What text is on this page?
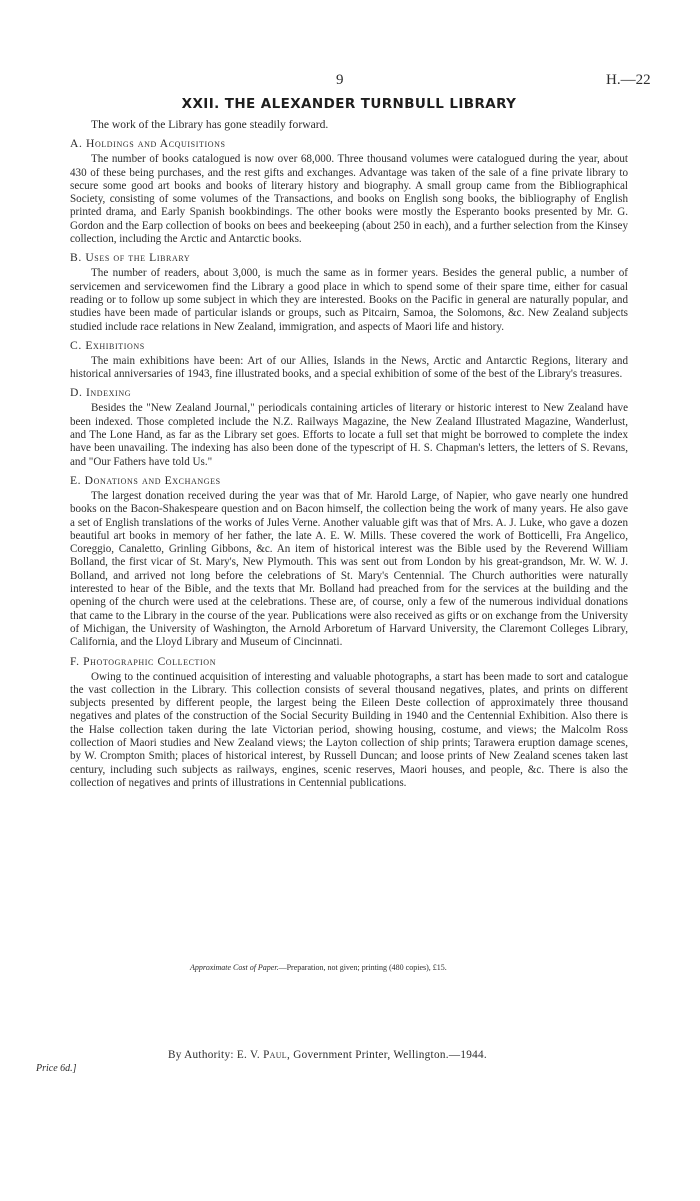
9	H.—22
XXII. THE ALEXANDER TURNBULL LIBRARY

The work of the Library has gone steadily forward.

A. Holdings and Acquisitions

The number of books catalogued is now over 68,000. Three thousand volumes were catalogued during the year, about 430 of these being purchases, and the rest gifts and exchanges. Advantage was taken of the sale of a fine private library to secure some good art books and books of literary history and biography. A small group came from the Bibliographical Society, consisting of some volumes of the Transactions, and books on English song books, the bibliography of English printed drama, and Early Spanish bookbindings. The other books were mostly the Esperanto books presented by Mr. G. Gordon and the Earp collection of books on bees and beekeeping (about 250 in each), and a further selection from the Kinsey collection, including the Arctic and Antarctic books.

B. Uses of the Library

The number of readers, about 3,000, is much the same as in former years. Besides the general public, a number of servicemen and servicewomen find the Library a good place in which to spend some of their spare time, either for casual reading or to follow up some subject in which they are interested. Books on the Pacific in general are naturally popular, and studies have been made of particular islands or groups, such as Pitcairn, Samoa, the Solomons, &c. New Zealand subjects studied include race relations in New Zealand, immigration, and aspects of Maori life and history.

C. Exhibitions

The main exhibitions have been: Art of our Allies, Islands in the News, Arctic and Antarctic Regions, literary and historical anniversaries of 1943, fine illustrated books, and a special exhibition of some of the best of the Library's treasures.

D. Indexing

Besides the "New Zealand Journal," periodicals containing articles of literary or historic interest to New Zealand have been indexed. Those completed include the N.Z. Railways Magazine, the New Zealand Illustrated Magazine, Wanderlust, and The Lone Hand, as far as the Library set goes. Efforts to locate a full set that might be borrowed to complete the index have been unavailing. The indexing has also been done of the typescript of H. S. Chapman's letters, the letters of S. Revans, and "Our Fathers have told Us."

E. Donations and Exchanges

The largest donation received during the year was that of Mr. Harold Large, of Napier, who gave nearly one hundred books on the Bacon-Shakespeare question and on Bacon himself, the collection being the work of many years. He also gave a set of English translations of the works of Jules Verne. Another valuable gift was that of Mrs. A. J. Luke, who gave a dozen beautiful art books in memory of her father, the late A. E. W. Mills. These covered the work of Botticelli, Fra Angelico, Coreggio, Canaletto, Grinling Gibbons, &c. An item of historical interest was the Bible used by the Reverend William Bolland, the first vicar of St. Mary's, New Plymouth. This was sent out from London by his great-grandson, Mr. W. W. J. Bolland, and arrived not long before the celebrations of St. Mary's Centennial. The Church authorities were naturally interested to hear of the Bible, and the texts that Mr. Bolland had preached from for the services at the building and the opening of the church were used at the celebrations. These are, of course, only a few of the numerous individual donations that came to the Library in the course of the year. Publications were also received as gifts or on exchange from the University of Michigan, the University of Washington, the Arnold Arboretum of Harvard University, the Claremont Colleges Library, California, and the Lloyd Library and Museum of Cincinnati.

F. Photographic Collection

Owing to the continued acquisition of interesting and valuable photographs, a start has been made to sort and catalogue the vast collection in the Library. This collection consists of several thousand negatives, plates, and prints on different subjects presented by different people, the largest being the Eileen Deste collection of approximately three thousand negatives and plates of the construction of the Social Security Building in 1940 and the Centennial Exhibition. Also there is the Halse collection taken during the late Victorian period, showing housing, costume, and views; the Malcolm Ross collection of Maori studies and New Zealand views; the Layton collection of ship prints; Tarawera eruption damage scenes, by W. Crompton Smith; places of historical interest, by Russell Duncan; and loose prints of New Zealand scenes taken last century, including such subjects as railways, engines, scenic reserves, Maori houses, and people, &c. There is also the collection of negatives and prints of illustrations in Centennial publications.

Approximate Cost of Paper.—Preparation, not given; printing (480 copies), £15.
By Authority: E. V. Paul, Government Printer, Wellington.—1944.
Price 6d.]
